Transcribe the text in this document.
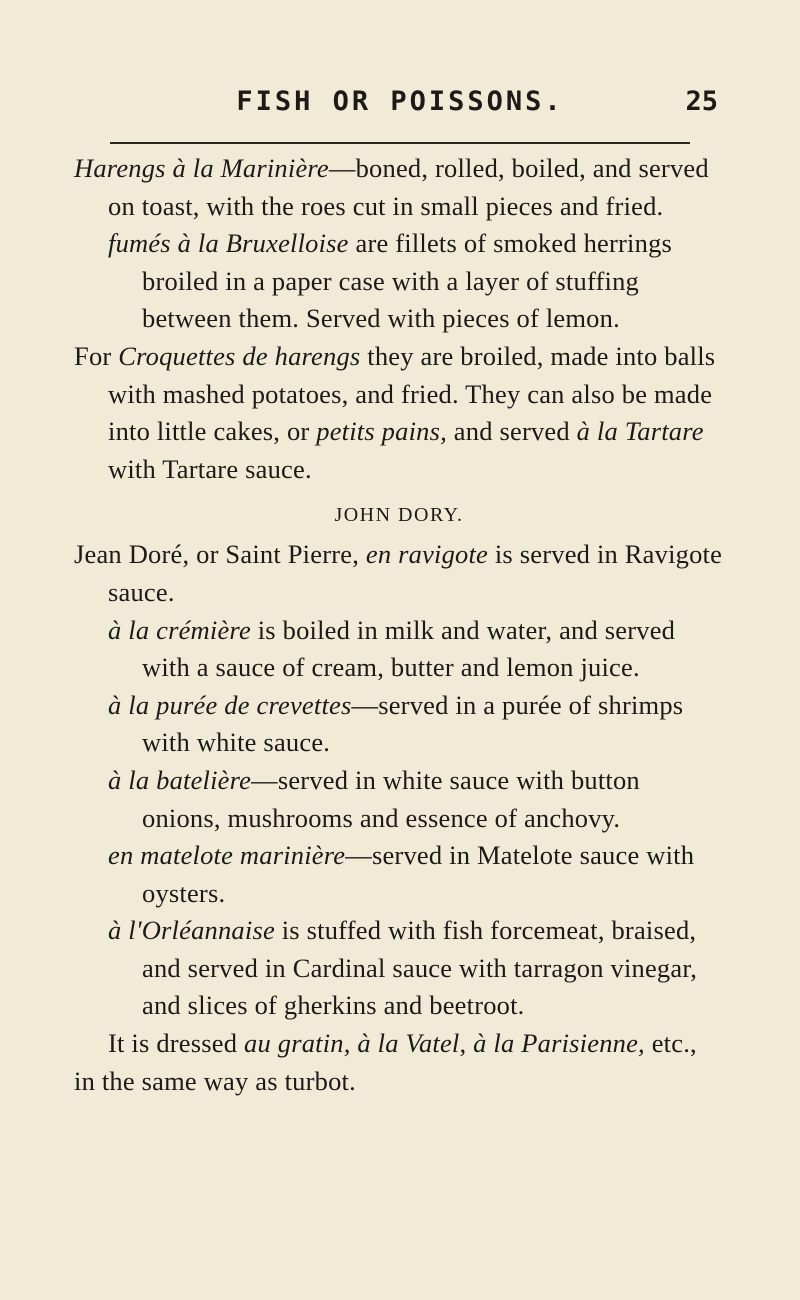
FISH OR POISSONS.	25

Harengs à la Marinière—boned, rolled, boiled, and served on toast, with the roes cut in small pieces and fried.

fumés à la Bruxelloise are fillets of smoked herrings broiled in a paper case with a layer of stuffing between them. Served with pieces of lemon.

For Croquettes de harengs they are broiled, made into balls with mashed potatoes, and fried. They can also be made into little cakes, or petits pains, and served à la Tartare with Tartare sauce.

JOHN DORY.

Jean Doré, or Saint Pierre, en ravigote is served in Ravigote sauce.

à la crémière is boiled in milk and water, and served with a sauce of cream, butter and lemon juice.

à la purée de crevettes—served in a purée of shrimps with white sauce.

à la batelière—served in white sauce with button onions, mushrooms and essence of anchovy.

en matelote marinière—served in Matelote sauce with oysters.

à l'Orléannaise is stuffed with fish forcemeat, braised, and served in Cardinal sauce with tarragon vinegar, and slices of gherkins and beetroot.

It is dressed au gratin, à la Vatel, à la Parisienne, etc., in the same way as turbot.
